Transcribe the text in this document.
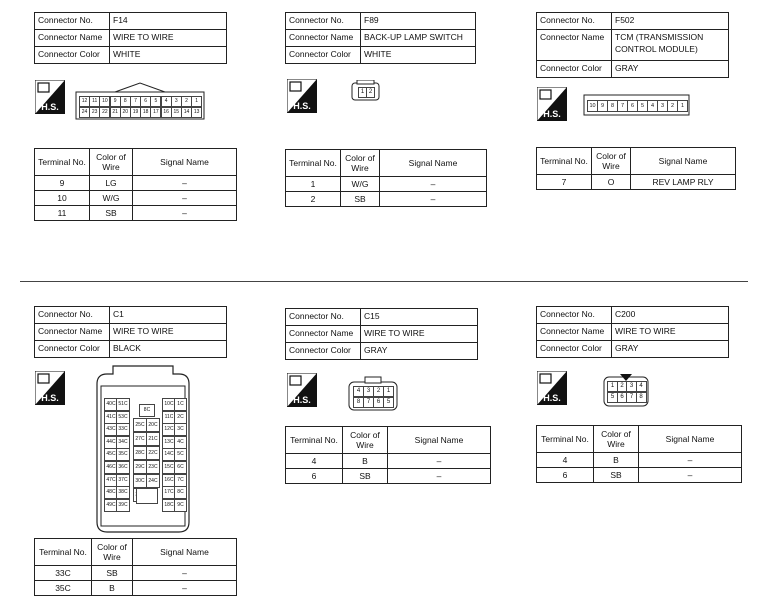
Connector No.	F14
Connector Name	WIRE TO WIRE
Connector Color	WHITE
H.S.
12 11 10	9	8	7	6	5	4	3	2	1
24 23 22 21 20 19 18 17 16 15 14 13
Terminal No.	Color of Wire	Signal Name
9	LG	–
10	W/G	–
11	SB	–
Connector No.	F89
Connector Name	BACK-UP LAMP SWITCH
Connector Color	WHITE
H.S.
1 2
Terminal No.	Color of Wire	Signal Name
1	W/G	–
2	SB	–
Connector No.	F502
Connector Name	TCM (TRANSMISSION CONTROL MODULE)
Connector Color	GRAY
H.S.
10 9	8	7	6	5	4	3	2	1
Terminal No.	Color of Wire	Signal Name
7	O	REV LAMP RLY
Connector No.	C1
Connector Name	WIRE TO WIRE
Connector Color	BLACK
H.S.
40C 51C
41C 53C
43C 33C
44C 34C
45C 35C
46C 36C
47C 37C
48C 38C
49C 39C
10C 1C
11C 2C
12C 3C
13C 4C
14C 5C
15C 6C
16C 7C
17C 8C
18C 9C
8C
25C 20C
27C 21C
28C 22C
29C 23C
30C 24C
Terminal No.	Color of Wire	Signal Name
33C	SB	–
35C	B	–
Connector No.	C15
Connector Name	WIRE TO WIRE
Connector Color	GRAY
H.S.
4	3	2	1
8	7	6	5
Terminal No.	Color of Wire	Signal Name
4	B	–
6	SB	–
Connector No.	C200
Connector Name	WIRE TO WIRE
Connector Color	GRAY
H.S.
1	2	3	4
5	6	7	8
Terminal No.	Color of Wire	Signal Name
4	B	–
6	SB	–
